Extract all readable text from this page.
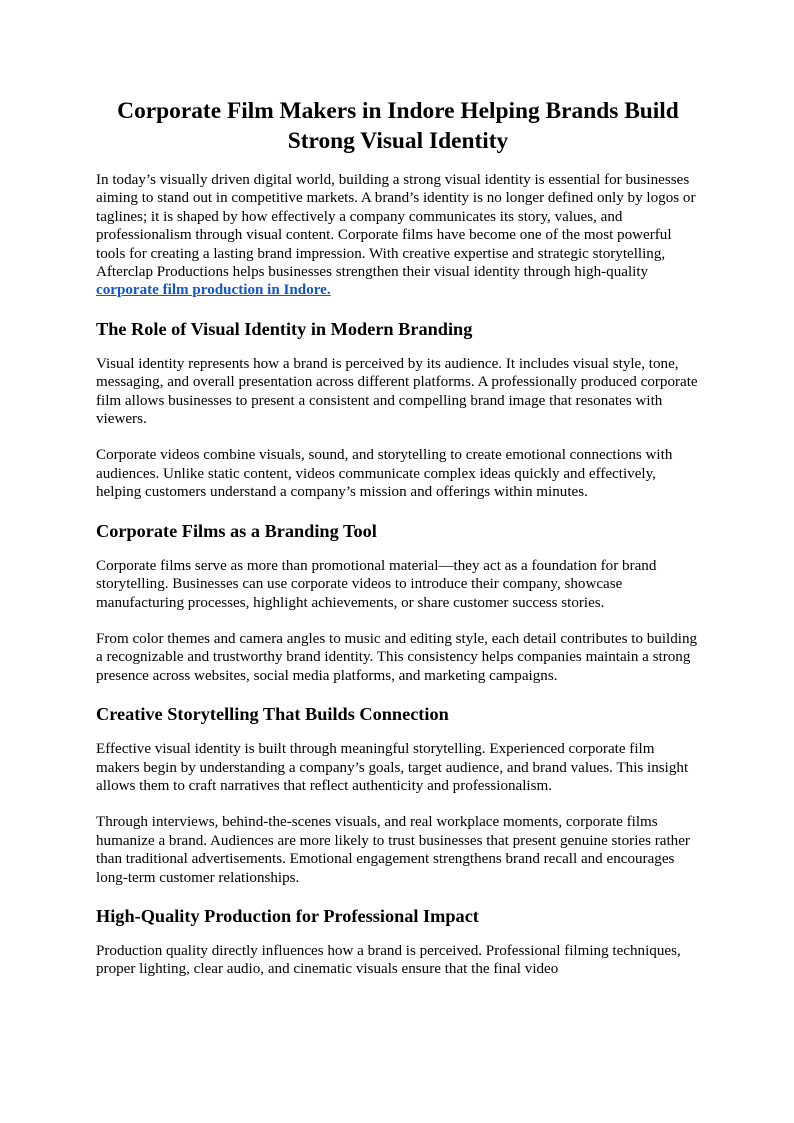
Corporate Film Makers in Indore Helping Brands Build Strong Visual Identity

In today’s visually driven digital world, building a strong visual identity is essential for businesses aiming to stand out in competitive markets. A brand’s identity is no longer defined only by logos or taglines; it is shaped by how effectively a company communicates its story, values, and professionalism through visual content. Corporate films have become one of the most powerful tools for creating a lasting brand impression. With creative expertise and strategic storytelling, Afterclap Productions helps businesses strengthen their visual identity through high-quality corporate film production in Indore.

The Role of Visual Identity in Modern Branding

Visual identity represents how a brand is perceived by its audience. It includes visual style, tone, messaging, and overall presentation across different platforms. A professionally produced corporate film allows businesses to present a consistent and compelling brand image that resonates with viewers.

Corporate videos combine visuals, sound, and storytelling to create emotional connections with audiences. Unlike static content, videos communicate complex ideas quickly and effectively, helping customers understand a company’s mission and offerings within minutes.

Corporate Films as a Branding Tool

Corporate films serve as more than promotional material—they act as a foundation for brand storytelling. Businesses can use corporate videos to introduce their company, showcase manufacturing processes, highlight achievements, or share customer success stories.

From color themes and camera angles to music and editing style, each detail contributes to building a recognizable and trustworthy brand identity. This consistency helps companies maintain a strong presence across websites, social media platforms, and marketing campaigns.

Creative Storytelling That Builds Connection

Effective visual identity is built through meaningful storytelling. Experienced corporate film makers begin by understanding a company’s goals, target audience, and brand values. This insight allows them to craft narratives that reflect authenticity and professionalism.

Through interviews, behind-the-scenes visuals, and real workplace moments, corporate films humanize a brand. Audiences are more likely to trust businesses that present genuine stories rather than traditional advertisements. Emotional engagement strengthens brand recall and encourages long-term customer relationships.

High-Quality Production for Professional Impact

Production quality directly influences how a brand is perceived. Professional filming techniques, proper lighting, clear audio, and cinematic visuals ensure that the final video
